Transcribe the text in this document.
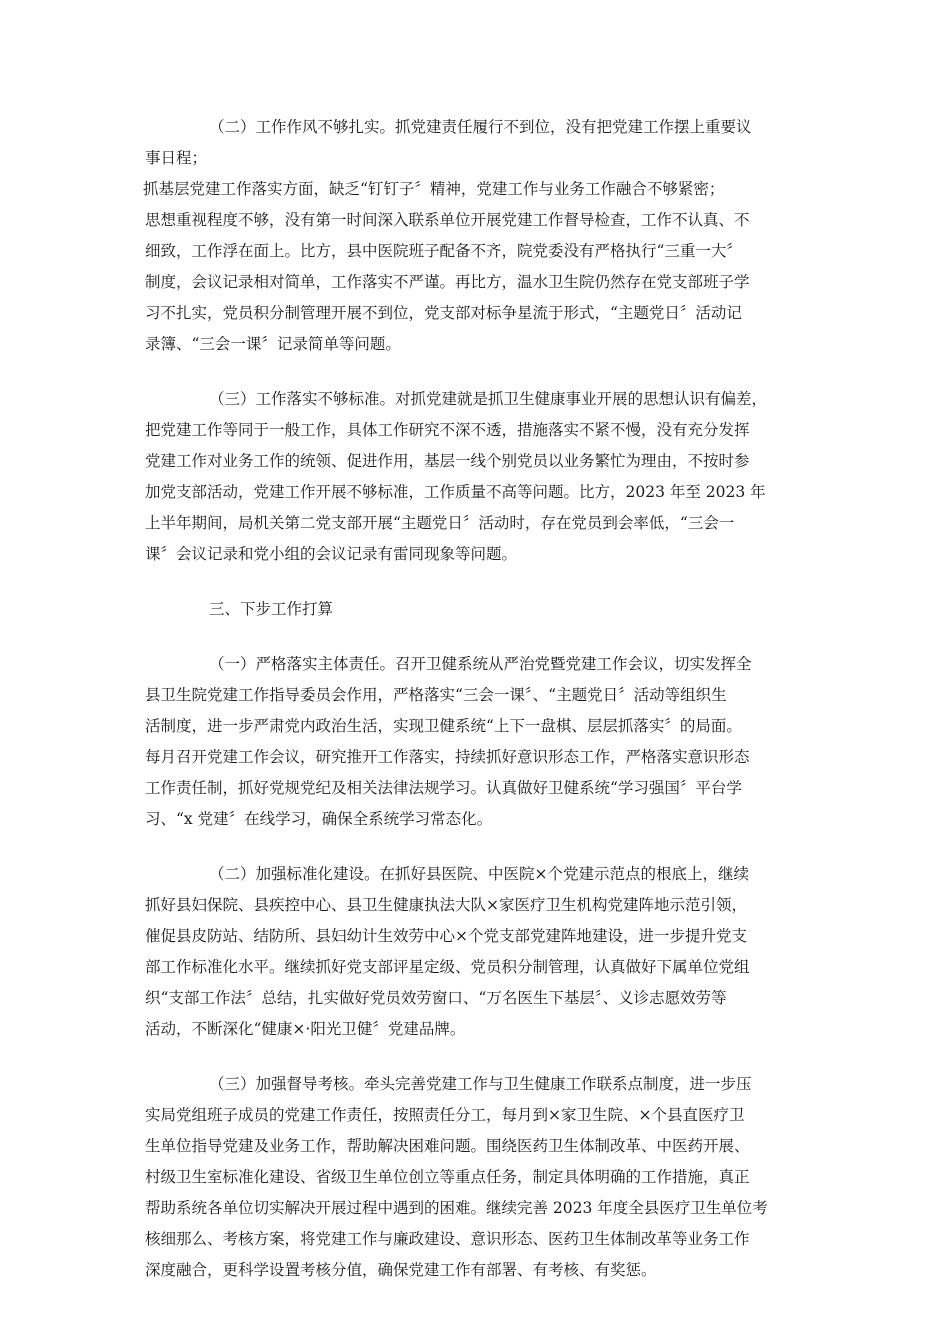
（二）工作作风不够扎实。抓党建责任履行不到位，没有把党建工作摆上重要议
事日程；
抓基层党建工作落实方面，缺乏“钉钉子〞精神，党建工作与业务工作融合不够紧密；
思想重视程度不够，没有第一时间深入联系单位开展党建工作督导检查，工作不认真、不
细致，工作浮在面上。比方，县中医院班子配备不齐，院党委没有严格执行“三重一大〞
制度，会议记录相对简单，工作落实不严谨。再比方，温水卫生院仍然存在党支部班子学
习不扎实，党员积分制管理开展不到位，党支部对标争星流于形式，“主题党日〞活动记
录簿、“三会一课〞记录简单等问题。
（三）工作落实不够标准。对抓党建就是抓卫生健康事业开展的思想认识有偏差，
把党建工作等同于一般工作，具体工作研究不深不透，措施落实不紧不慢，没有充分发挥
党建工作对业务工作的统领、促进作用，基层一线个别党员以业务繁忙为理由，不按时参
加党支部活动，党建工作开展不够标准，工作质量不高等问题。比方，2023 年至 2023 年
上半年期间，局机关第二党支部开展“主题党日〞活动时，存在党员到会率低，“三会一
课〞会议记录和党小组的会议记录有雷同现象等问题。
三、下步工作打算
（一）严格落实主体责任。召开卫健系统从严治党暨党建工作会议，切实发挥全
县卫生院党建工作指导委员会作用，严格落实“三会一课〞、“主题党日〞活动等组织生
活制度，进一步严肃党内政治生活，实现卫健系统“上下一盘棋、层层抓落实〞的局面。
每月召开党建工作会议，研究推开工作落实，持续抓好意识形态工作，严格落实意识形态
工作责任制，抓好党规党纪及相关法律法规学习。认真做好卫健系统“学习强国〞平台学
习、“x 党建〞在线学习，确保全系统学习常态化。
（二）加强标准化建设。在抓好县医院、中医院×个党建示范点的根底上，继续
抓好县妇保院、县疾控中心、县卫生健康执法大队×家医疗卫生机构党建阵地示范引领，
催促县皮防站、结防所、县妇幼计生效劳中心×个党支部党建阵地建设，进一步提升党支
部工作标准化水平。继续抓好党支部评星定级、党员积分制管理，认真做好下属单位党组
织“支部工作法〞总结，扎实做好党员效劳窗口、“万名医生下基层〞、义诊志愿效劳等
活动，不断深化“健康×·阳光卫健〞党建品牌。
（三）加强督导考核。牵头完善党建工作与卫生健康工作联系点制度，进一步压
实局党组班子成员的党建工作责任，按照责任分工，每月到×家卫生院、×个县直医疗卫
生单位指导党建及业务工作，帮助解决困难问题。围绕医药卫生体制改革、中医药开展、
村级卫生室标准化建设、省级卫生单位创立等重点任务，制定具体明确的工作措施，真正
帮助系统各单位切实解决开展过程中遇到的困难。继续完善 2023 年度全县医疗卫生单位考
核细那么、考核方案，将党建工作与廉政建设、意识形态、医药卫生体制改革等业务工作
深度融合，更科学设置考核分值，确保党建工作有部署、有考核、有奖惩。
